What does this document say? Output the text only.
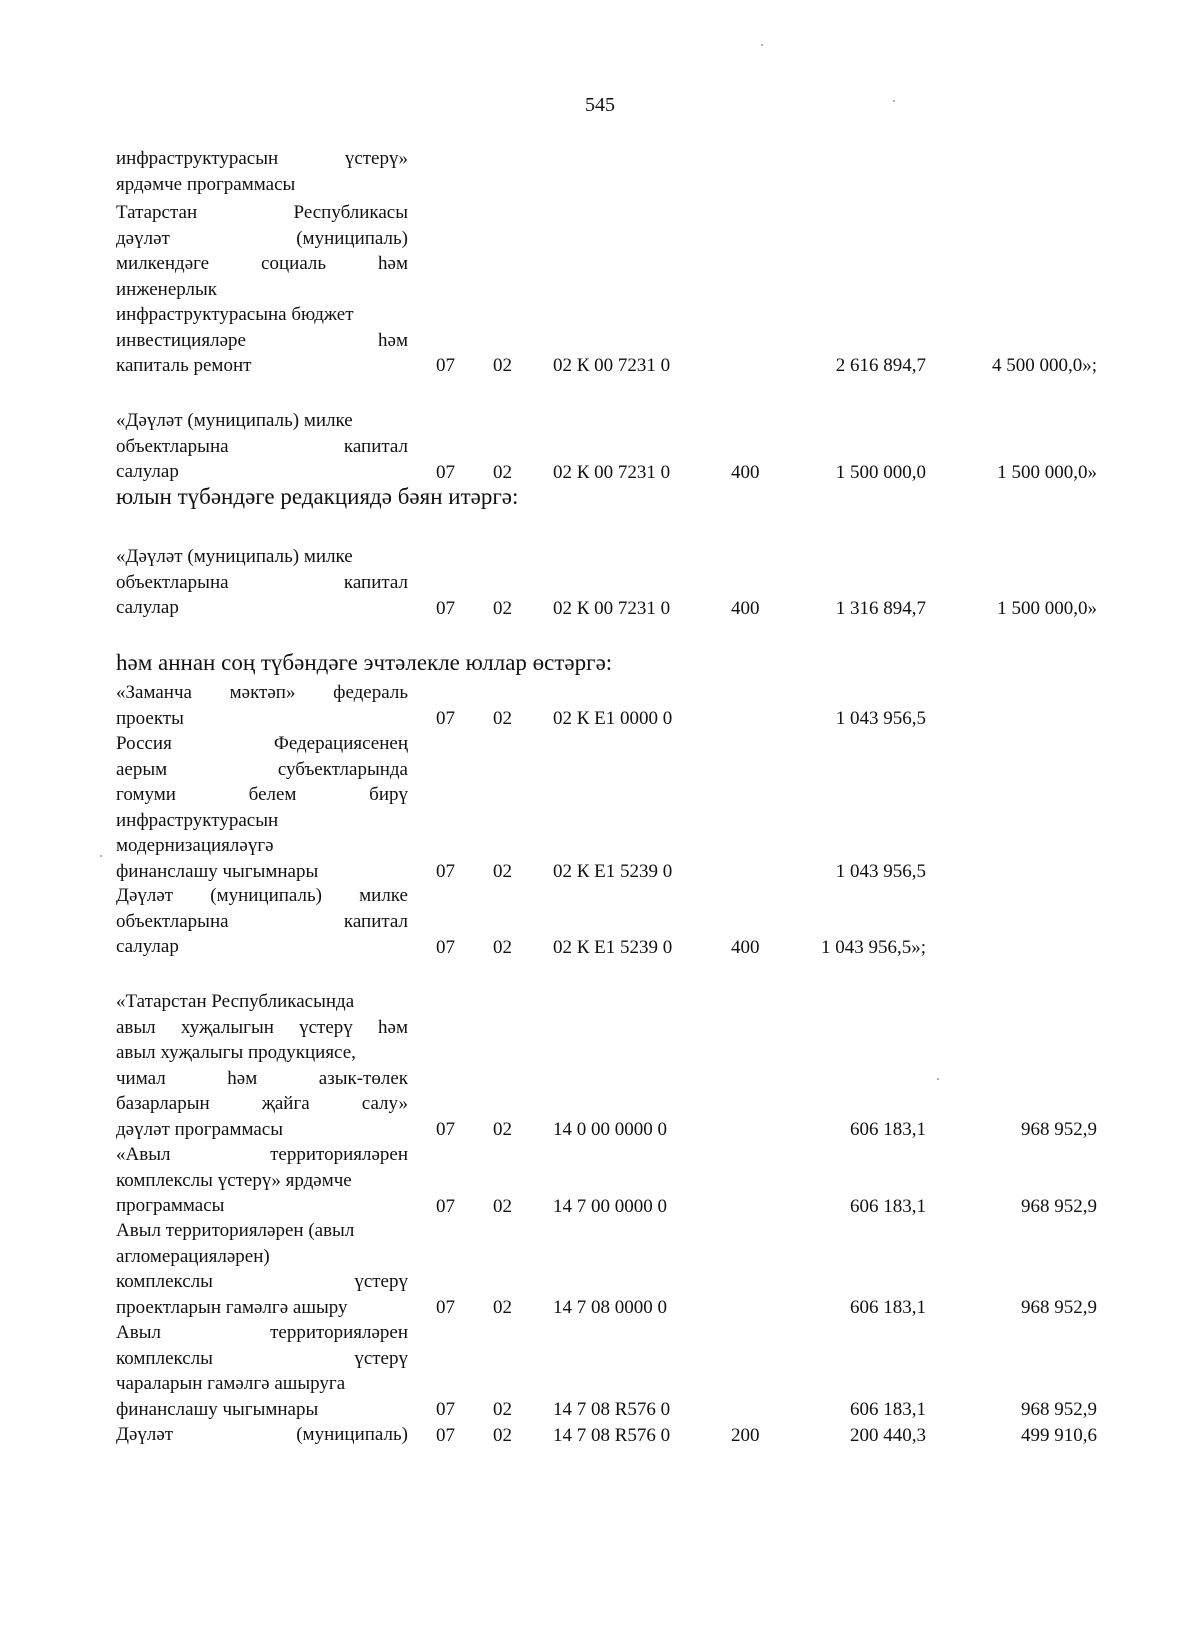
545
инфраструктурасын үстерү»
ярдәмче программасы
Татарстан Республикасы
дәүләт (муниципаль)
милкендәге социаль һәм
инженерлык
инфраструктурасына бюджет
инвестицияләре һәм
капиталь ремонт	07 02 02 К 00 7231 0	2 616 894,7	4 500 000,0»;
«Дәүләт (муниципаль) милке
объектларына капитал
салулар	07 02 02 К 00 7231 0	400	1 500 000,0	1 500 000,0»
юлын түбәндәге редакциядә бәян итәргә:
«Дәүләт (муниципаль) милке
объектларына капитал
салулар	07 02 02 К 00 7231 0	400	1 316 894,7	1 500 000,0»
һәм аннан соң түбәндәге эчтәлекле юллар өстәргә:
«Заманча мәктәп» федераль
проекты	07 02 02 К Е1 0000 0	1 043 956,5
Россия Федерациясенең
аерым субъектларында
гомуми белем бирү
инфраструктурасын
модернизацияләүгә
финанслашу чыгымнары	07 02 02 К Е1 5239 0	1 043 956,5
Дәүләт (муниципаль) милке
объектларына капитал
салулар	07 02 02 К Е1 5239 0	400	1 043 956,5»;
«Татарстан Республикасында
авыл хуҗалыгын үстерү һәм
авыл хуҗалыгы продукциясе,
чимал һәм азык-төлек
базарларын җайга салу»
дәүләт программасы	07 02 14 0 00 0000 0	606 183,1	968 952,9
«Авыл территорияләрен
комплекслы үстерү» ярдәмче
программасы	07 02 14 7 00 0000 0	606 183,1	968 952,9
Авыл территорияләрен (авыл
агломерацияләрен)
комплекслы үстерү
проектларын гамәлгә ашыру	07 02 14 7 08 0000 0	606 183,1	968 952,9
Авыл территорияләрен
комплекслы үстерү
чараларын гамәлгә ашыруга
финанслашу чыгымнары	07 02 14 7 08 R576 0	606 183,1	968 952,9
Дәүләт (муниципаль) 07 02 14 7 08 R576 0	200	200 440,3	499 910,6
